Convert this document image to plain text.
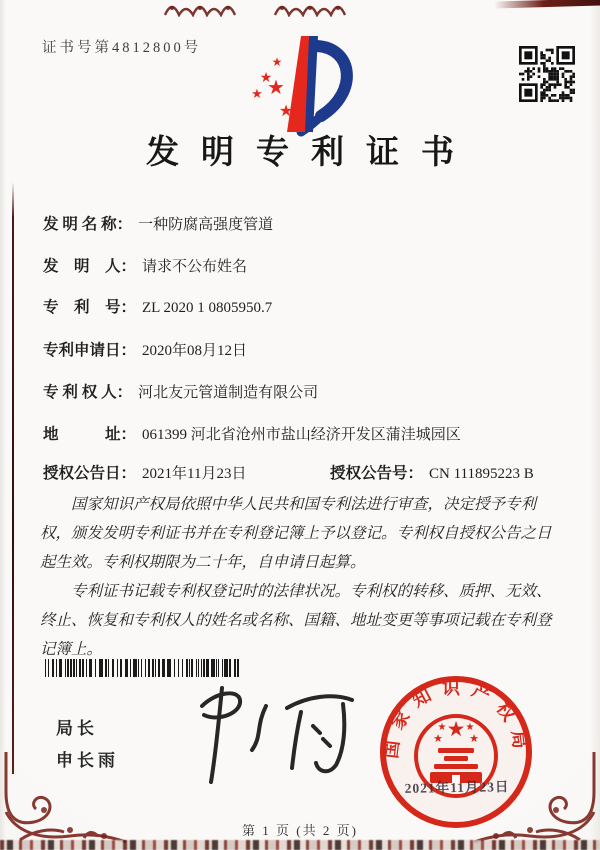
证书号第4812800号
★
★
★ ★
★
发明专利证书
发 明 名 称： 一种防腐高强度管道
发　明　人： 请求不公布姓名
专　利　号： ZL 2020 1 0805950.7
专利申请日： 2020年08月12日
专 利 权 人： 河北友元管道制造有限公司
地　　　址： 061399 河北省沧州市盐山经济开发区蒲洼城园区
授权公告日： 2021年11月23日	授权公告号： CN 111895223 B

国家知识产权局依照中华人民共和国专利法进行审查，决定授予专利权，颁发发明专利证书并在专利登记簿上予以登记。专利权自授权公告之日起生效。专利权期限为二十年，自申请日起算。

专利证书记载专利权登记时的法律状况。专利权的转移、质押、无效、终止、恢复和专利权人的姓名或名称、国籍、地址变更等事项记载在专利登记簿上。

局长
申长雨
国家知识产权局
★
★ ★
★ ★
2021年11月23日
第 1 页 (共 2 页)
